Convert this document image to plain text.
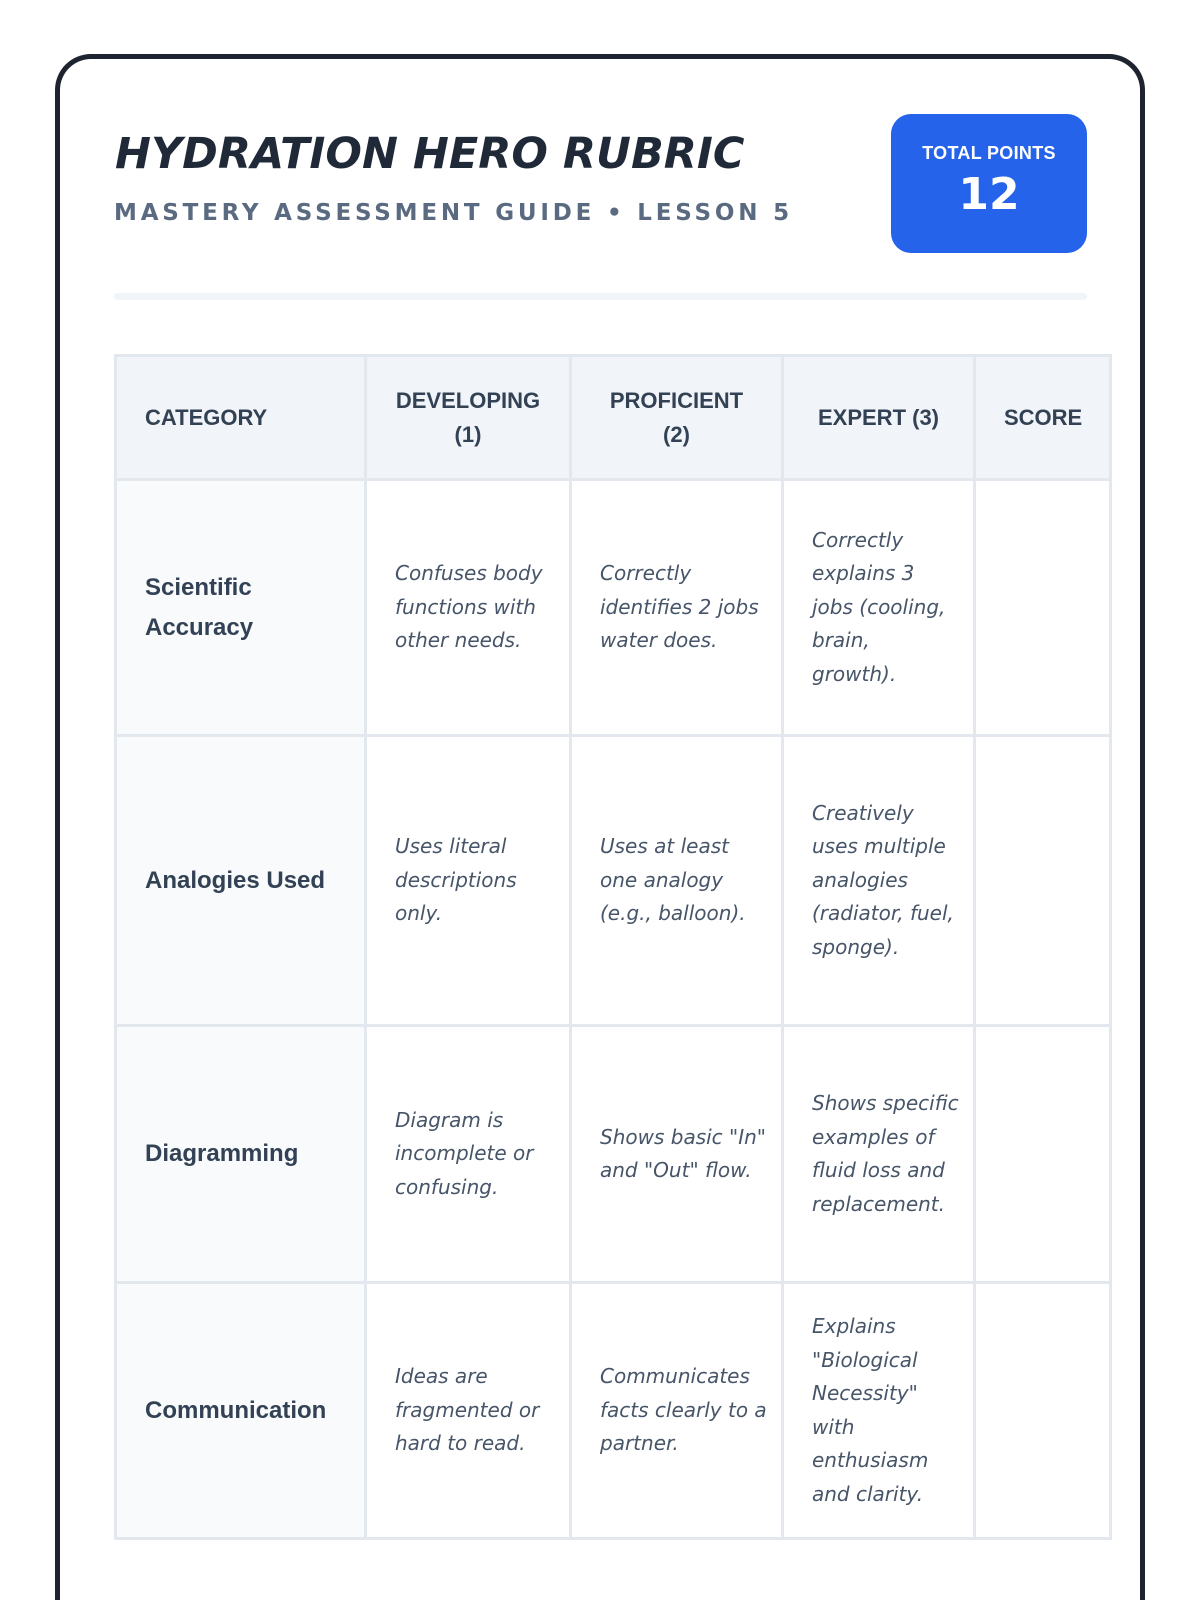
HYDRATION HERO RUBRIC
MASTERY ASSESSMENT GUIDE • LESSON 5
TOTAL POINTS
12
CATEGORY	DEVELOPING (1)	PROFICIENT (2)	EXPERT (3)	SCORE
Scientific Accuracy	Confuses body functions with other needs.	Correctly identifies 2 jobs water does.	Correctly explains 3 jobs (cooling, brain, growth).	
Analogies Used	Uses literal descriptions only.	Uses at least one analogy (e.g., balloon).	Creatively uses multiple analogies (radiator, fuel, sponge).	
Diagramming	Diagram is incomplete or confusing.	Shows basic "In" and "Out" flow.	Shows specific examples of fluid loss and replacement.	
Communication	Ideas are fragmented or hard to read.	Communicates facts clearly to a partner.	Explains "Biological Necessity" with enthusiasm and clarity.	
